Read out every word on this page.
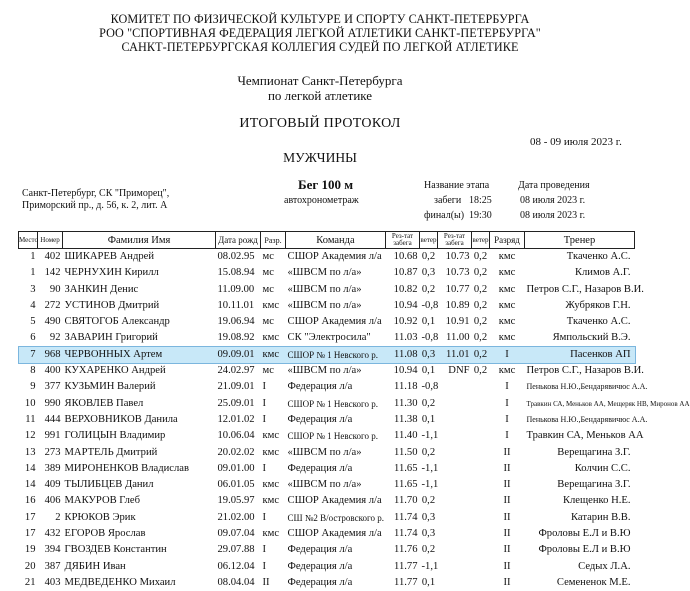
КОМИТЕТ ПО ФИЗИЧЕСКОЙ КУЛЬТУРЕ И СПОРТУ САНКТ-ПЕТЕРБУРГА
РОО "СПОРТИВНАЯ ФЕДЕРАЦИЯ ЛЕГКОЙ АТЛЕТИКИ САНКТ-ПЕТЕРБУРГА"
САНКТ-ПЕТЕРБУРГСКАЯ КОЛЛЕГИЯ СУДЕЙ ПО ЛЕГКОЙ АТЛЕТИКЕ
Чемпионат Санкт-Петербурга
по легкой атлетике
ИТОГОВЫЙ ПРОТОКОЛ
08 - 09 июля 2023 г.
МУЖЧИНЫ
Санкт-Петербург, СК "Приморец",
Приморский пр., д. 56, к. 2, лит. А
Бег 100 м
автохронометраж
Название этапа	Дата проведения
забеги 18:25	08 июля 2023 г.
финал(ы) 19:30	08 июля 2023 г.
Место	Номер	Фамилия Имя	Дата рожд	Разр.	Команда	Рез-тат забега	ветер	Рез-тат забега	ветер	Разряд	Тренер
1	402	ШИКАРЕВ Андрей	08.02.95	мс	СШОР Академия л/а	10.68	0,2	10.73	0,2	кмс	Ткаченко А.С.
1	142	ЧЕРНУХИН Кирилл	15.08.94	мс	«ШВСМ по л/а»	10.87	0,3	10.73	0,2	кмс	Климов А.Г.
3	90	ЗАНКИН Денис	11.09.00	мс	«ШВСМ по л/а»	10.82	0,2	10.77	0,2	кмс	Петров С.Г., Назаров В.И.
4	272	УСТИНОВ Дмитрий	10.11.01	кмс	«ШВСМ по л/а»	10.94	-0,8	10.89	0,2	кмс	Жубряков Г.Н.
5	490	СВЯТОГОБ Александр	19.06.94	мс	СШОР Академия л/а	10.92	0,1	10.91	0,2	кмс	Ткаченко А.С.
6	92	ЗАВАРИН Григорий	19.08.92	кмс	СК "Электросила"	11.03	-0,8	11.00	0,2	кмс	Ямпольский В.Э.
7	968	ЧЕРВОННЫХ Артем	09.09.01	кмс	СШОР № 1 Невского р.	11.08	0,3	11.01	0,2	I	Пасенков АП
8	400	КУХАРЕНКО Андрей	24.02.97	мс	«ШВСМ по л/а»	10.94	0,1	DNF	0,2	кмс	Петров С.Г., Назаров В.И.
9	377	КУЗЬМИН Валерий	21.09.01	I	Федерация л/а	11.18	-0,8			I	Пенькова Н.Ю.,Бендарявичюс А.А.
10	990	ЯКОВЛЕВ Павел	25.09.01	I	СШОР № 1 Невского р.	11.30	0,2			I	Травкин СА, Меньков АА, Мещеряк НВ, Миронов АА
11	444	ВЕРХОВНИКОВ Данила	12.01.02	I	Федерация л/а	11.38	0,1			I	Пенькова Н.Ю.,Бендарявичюс А.А.
12	991	ГОЛИЦЫН Владимир	10.06.04	кмс	СШОР № 1 Невского р.	11.40	-1,1			I	Травкин СА, Меньков АА
13	273	МАРТЕЛЬ Дмитрий	20.02.02	кмс	«ШВСМ по л/а»	11.50	0,2			II	Верещагина З.Г.
14	389	МИРОНЕНКОВ Владислав	09.01.00	I	Федерация л/а	11.65	-1,1			II	Колчин С.С.
14	409	ТЫЛИБЦЕВ Данил	06.01.05	кмс	«ШВСМ по л/а»	11.65	-1,1			II	Верещагина З.Г.
16	406	МАКУРОВ Глеб	19.05.97	кмс	СШОР Академия л/а	11.70	0,2			II	Клещенко Н.Е.
17	2	КРЮКОВ Эрик	21.02.00	I	СШ №2 В/островского р.	11.74	0,3			II	Катарин В.В.
17	432	ЕГОРОВ Ярослав	09.07.04	кмс	СШОР Академия л/а	11.74	0,3			II	Фроловы Е.Л и В.Ю
19	394	ГВОЗДЕВ Константин	29.07.88	I	Федерация л/а	11.76	0,2			II	Фроловы Е.Л и В.Ю
20	387	ДЯБИН Иван	06.12.04	I	Федерация л/а	11.77	-1,1			II	Седых Л.А.
21	403	МЕДВЕДЕНКО Михаил	08.04.04	II	Федерация л/а	11.77	0,1			II	Семененок М.Е.
